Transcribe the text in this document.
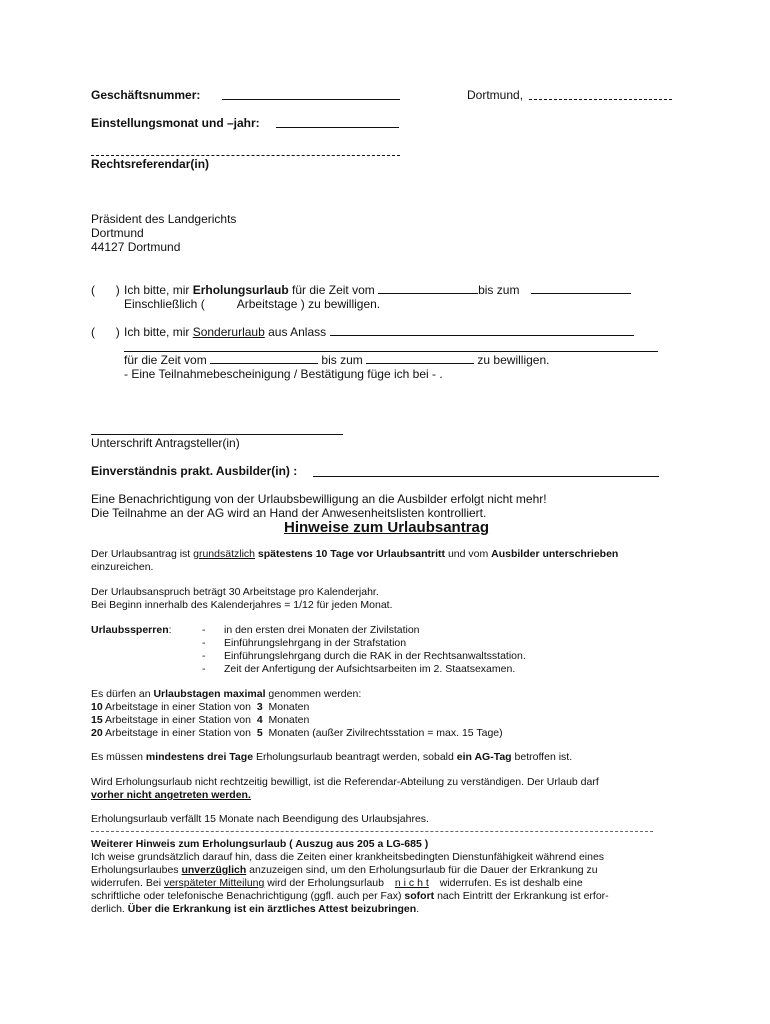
Geschäftsnummer:	Dortmund,
Einstellungsmonat und –jahr:
Rechtsreferendar(in)
Präsident des Landgerichts
Dortmund
44127 Dortmund
( ) Ich bitte, mir Erholungsurlaub für die Zeit vom	bis zum
Einschließlich (	Arbeitstage ) zu bewilligen.
( ) Ich bitte, mir Sonderurlaub aus Anlass
für die Zeit vom	bis zum	zu bewilligen.
- Eine Teilnahmebescheinigung / Bestätigung füge ich bei - .
Unterschrift Antragsteller(in)
Einverständnis prakt. Ausbilder(in) :
Eine Benachrichtigung von der Urlaubsbewilligung an die Ausbilder erfolgt nicht mehr!
Die Teilnahme an der AG wird an Hand der Anwesenheitslisten kontrolliert.
Hinweise zum Urlaubsantrag
Der Urlaubsantrag ist grundsätzlich spätestens 10 Tage vor Urlaubsantritt und vom Ausbilder unterschrieben
einzureichen.
Der Urlaubsanspruch beträgt 30 Arbeitstage pro Kalenderjahr.
Bei Beginn innerhalb des Kalenderjahres = 1/12 für jeden Monat.
Urlaubssperren:	- in den ersten drei Monaten der Zivilstation
- Einführungslehrgang in der Strafstation
- Einführungslehrgang durch die RAK in der Rechtsanwaltsstation.
- Zeit der Anfertigung der Aufsichtsarbeiten im 2. Staatsexamen.
Es dürfen an Urlaubstagen maximal genommen werden:
10 Arbeitstage in einer Station von 3 Monaten
15 Arbeitstage in einer Station von 4 Monaten
20 Arbeitstage in einer Station von 5 Monaten (außer Zivilrechtsstation = max. 15 Tage)
Es müssen mindestens drei Tage Erholungsurlaub beantragt werden, sobald ein AG-Tag betroffen ist.
Wird Erholungsurlaub nicht rechtzeitig bewilligt, ist die Referendar-Abteilung zu verständigen. Der Urlaub darf
vorher nicht angetreten werden.
Erholungsurlaub verfällt 15 Monate nach Beendigung des Urlaubsjahres.
Weiterer Hinweis zum Erholungsurlaub ( Auszug aus 205 a LG-685 )
Ich weise grundsätzlich darauf hin, dass die Zeiten einer krankheitsbedingten Dienstunfähigkeit während eines
Erholungsurlaubes unverzüglich anzuzeigen sind, um den Erholungsurlaub für die Dauer der Erkrankung zu
widerrufen. Bei verspäteter Mitteilung wird der Erholungsurlaub n i c h t widerrufen. Es ist deshalb eine
schriftliche oder telefonische Benachrichtigung (ggfl. auch per Fax) sofort nach Eintritt der Erkrankung ist erfor-
derlich. Über die Erkrankung ist ein ärztliches Attest beizubringen.
